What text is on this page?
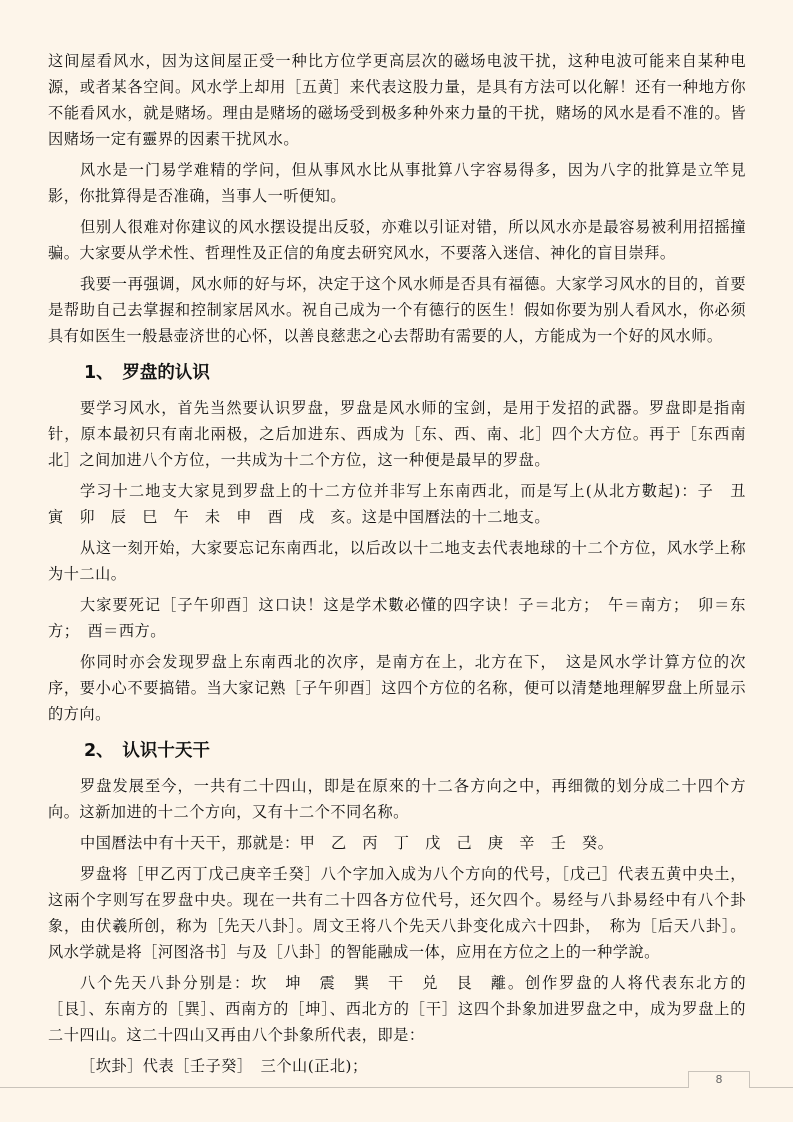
这间屋看风水，因为这间屋正受一种比方位学更高层次的磁场电波干扰，这种电波可能来自某种电源，或者某各空间。风水学上却用［五黄］来代表这股力量，是具有方法可以化解！还有一种地方你不能看风水，就是赌场。理由是赌场的磁场受到极多种外來力量的干扰，赌场的风水是看不准的。皆因赌场一定有靈界的因素干扰风水。

风水是一门易学难精的学问，但从事风水比从事批算八字容易得多，因为八字的批算是立竿見影，你批算得是否准确，当事人一听便知。

但别人很难对你建议的风水摆设提出反驳，亦难以引证对错，所以风水亦是最容易被利用招摇撞骗。大家要从学术性、哲理性及正信的角度去研究风水，不要落入迷信、神化的盲目崇拜。

我要一再强调，风水师的好与坏，决定于这个风水师是否具有福德。大家学习风水的目的，首要是帮助自己去掌握和控制家居风水。祝自己成为一个有德行的医生！假如你要为别人看风水，你必须具有如医生一般悬壶济世的心怀，以善良慈悲之心去帮助有需要的人，方能成为一个好的风水师。

1、　罗盘的认识

要学习风水，首先当然要认识罗盘，罗盘是风水师的宝剑，是用于发招的武器。罗盘即是指南针，原本最初只有南北兩极，之后加进东、西成为［东、西、南、北］四个大方位。再于［东西南北］之间加进八个方位，一共成为十二个方位，这一种便是最早的罗盘。

学习十二地支大家見到罗盘上的十二方位并非写上东南西北，而是写上(从北方數起)：子　丑　寅　卯　辰　巳　午　未　申　酉　戌　亥。这是中国曆法的十二地支。

从这一刻开始，大家要忘记东南西北，以后改以十二地支去代表地球的十二个方位，风水学上称为十二山。

大家要死记［子午卯酉］这口诀！这是学术數必懂的四字诀！子＝北方；　午＝南方；　卯＝东方；　酉＝西方。

你同时亦会发现罗盘上东南西北的次序，是南方在上，北方在下，　这是风水学计算方位的次序，要小心不要搞错。当大家记熟［子午卯酉］这四个方位的名称，便可以清楚地理解罗盘上所显示的方向。

2、　认识十天干

罗盘发展至今，一共有二十四山，即是在原來的十二各方向之中，再细微的划分成二十四个方向。这新加进的十二个方向，又有十二个不同名称。

中国曆法中有十天干，那就是：甲　乙　丙　丁　戊　己　庚　辛　壬　癸。

罗盘将［甲乙丙丁戊己庚辛壬癸］八个字加入成为八个方向的代号，［戊己］代表五黄中央土，这兩个字则写在罗盘中央。现在一共有二十四各方位代号，还欠四个。易经与八卦易经中有八个卦象，由伏羲所创，称为［先天八卦］。周文王将八个先天八卦变化成六十四卦，　称为［后天八卦］。风水学就是将［河图洛书］与及［八卦］的智能融成一体，应用在方位之上的一种学說。

八个先天八卦分别是：坎　坤　震　巽　干　兑　艮　離。创作罗盘的人将代表东北方的［艮］、东南方的［巽］、西南方的［坤］、西北方的［干］这四个卦象加进罗盘之中，成为罗盘上的二十四山。这二十四山又再由八个卦象所代表，即是：

［坎卦］代表［壬子癸］　三个山(正北)；

8
